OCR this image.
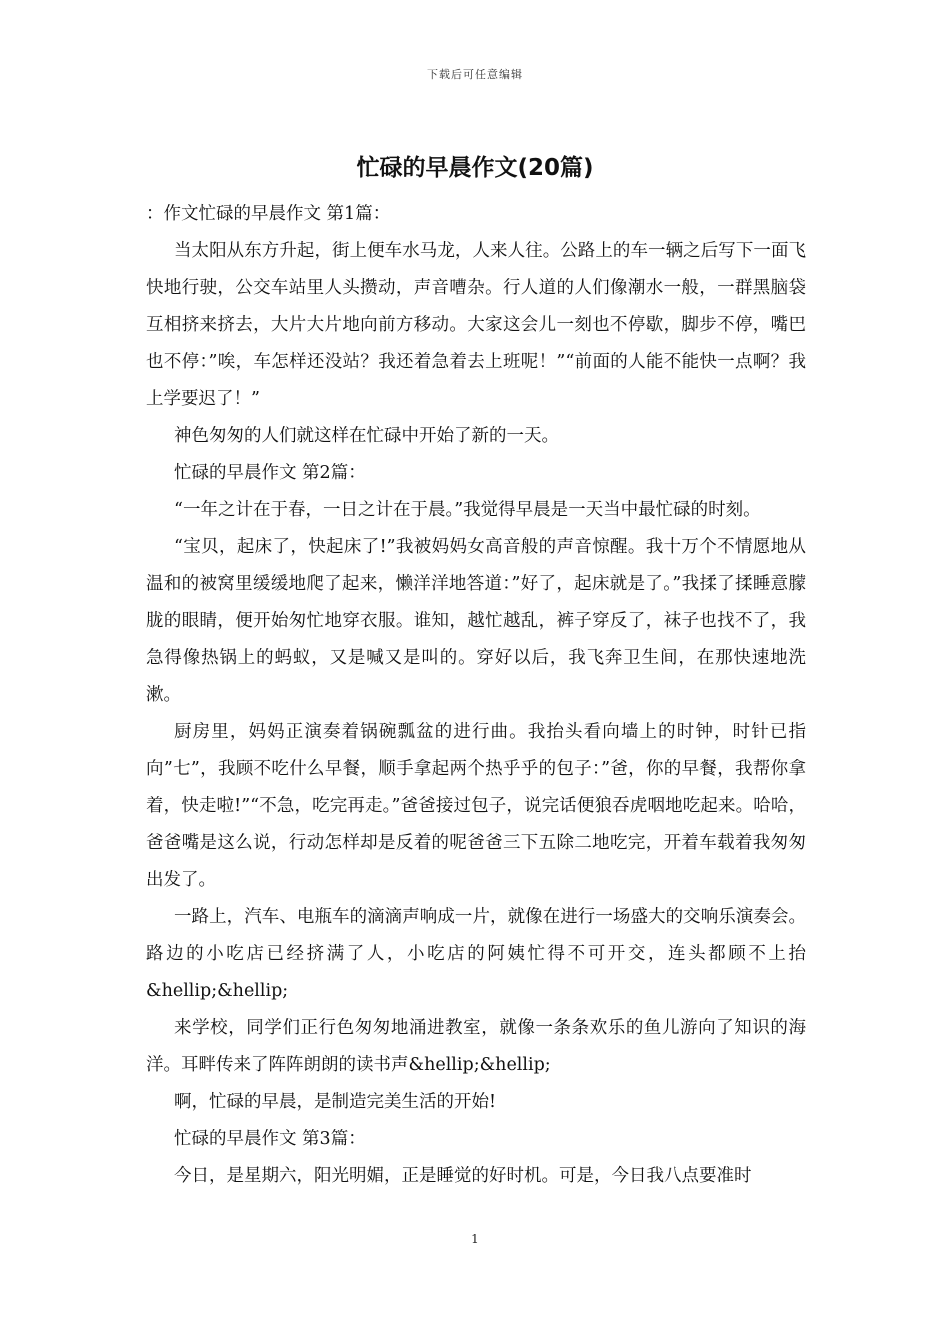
下载后可任意编辑
忙碌的早晨作文(20篇)

：作文忙碌的早晨作文 第1篇：

当太阳从东方升起，街上便车水马龙，人来人往。公路上的车一辆之后写下一面飞快地行驶，公交车站里人头攒动，声音嘈杂。行人道的人们像潮水一般，一群黑脑袋互相挤来挤去，大片大片地向前方移动。大家这会儿一刻也不停歇，脚步不停，嘴巴也不停：”唉，车怎样还没站？我还着急着去上班呢！”“前面的人能不能快一点啊？我上学要迟了！”

神色匆匆的人们就这样在忙碌中开始了新的一天。

忙碌的早晨作文 第2篇：

“一年之计在于春，一日之计在于晨。”我觉得早晨是一天当中最忙碌的时刻。

“宝贝，起床了，快起床了!”我被妈妈女高音般的声音惊醒。我十万个不情愿地从温和的被窝里缓缓地爬了起来，懒洋洋地答道：”好了，起床就是了。”我揉了揉睡意朦胧的眼睛，便开始匆忙地穿衣服。谁知，越忙越乱，裤子穿反了，袜子也找不了，我急得像热锅上的蚂蚁，又是喊又是叫的。穿好以后，我飞奔卫生间，在那快速地洗漱。

厨房里，妈妈正演奏着锅碗瓢盆的进行曲。我抬头看向墙上的时钟，时针已指向”七”，我顾不吃什么早餐，顺手拿起两个热乎乎的包子：”爸，你的早餐，我帮你拿着，快走啦!”“不急，吃完再走。”爸爸接过包子，说完话便狼吞虎咽地吃起来。哈哈，爸爸嘴是这么说，行动怎样却是反着的呢爸爸三下五除二地吃完，开着车载着我匆匆出发了。

一路上，汽车、电瓶车的滴滴声响成一片，就像在进行一场盛大的交响乐演奏会。路边的小吃店已经挤满了人，小吃店的阿姨忙得不可开交，连头都顾不上抬&hellip;&hellip;

来学校，同学们正行色匆匆地涌进教室，就像一条条欢乐的鱼儿游向了知识的海洋。耳畔传来了阵阵朗朗的读书声&hellip;&hellip;

啊，忙碌的早晨，是制造完美生活的开始!

忙碌的早晨作文 第3篇：

今日，是星期六，阳光明媚，正是睡觉的好时机。可是，今日我八点要准时

1
